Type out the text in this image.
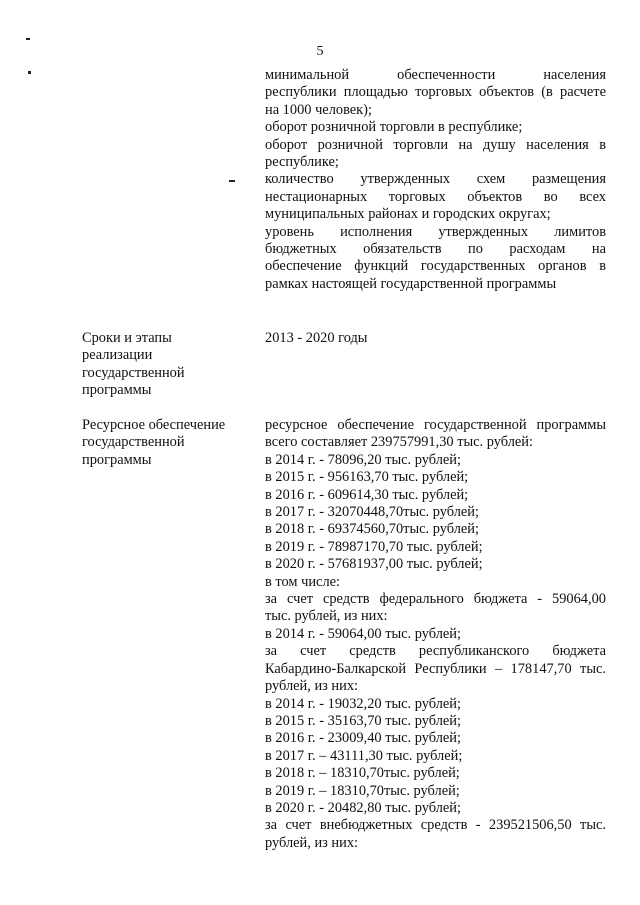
5
минимальной обеспеченности населения
республики площадью торговых объектов (в расчете
на 1000 человек);
оборот розничной торговли в республике;
оборот розничной торговли на душу населения в
республике;
количество утвержденных схем размещения
нестационарных торговых объектов во всех
муниципальных районах и городских округах;
уровень исполнения утвержденных лимитов
бюджетных обязательств по расходам на
обеспечение функций государственных органов в
рамках настоящей государственной программы
Сроки и этапы
реализации
государственной
программы
2013 - 2020 годы
Ресурсное обеспечение
государственной
программы
ресурсное обеспечение государственной программы
всего составляет 239757991,30 тыс. рублей:
в 2014 г. - 78096,20 тыс. рублей;
в 2015 г. - 956163,70 тыс. рублей;
в 2016 г. - 609614,30 тыс. рублей;
в 2017 г. - 32070448,70тыс. рублей;
в 2018 г. - 69374560,70тыс. рублей;
в 2019 г. - 78987170,70 тыс. рублей;
в 2020 г. - 57681937,00 тыс. рублей;
в том числе:
за счет средств федерального бюджета - 59064,00
тыс. рублей, из них:
в 2014 г. - 59064,00 тыс. рублей;
за счет средств республиканского бюджета
Кабардино-Балкарской Республики – 178147,70 тыс.
рублей, из них:
в 2014 г. - 19032,20 тыс. рублей;
в 2015 г. - 35163,70 тыс. рублей;
в 2016 г. - 23009,40 тыс. рублей;
в 2017 г. – 43111,30 тыс. рублей;
в 2018 г. – 18310,70тыс. рублей;
в 2019 г. – 18310,70тыс. рублей;
в 2020 г. - 20482,80 тыс. рублей;
за счет внебюджетных средств - 239521506,50 тыс.
рублей, из них:
